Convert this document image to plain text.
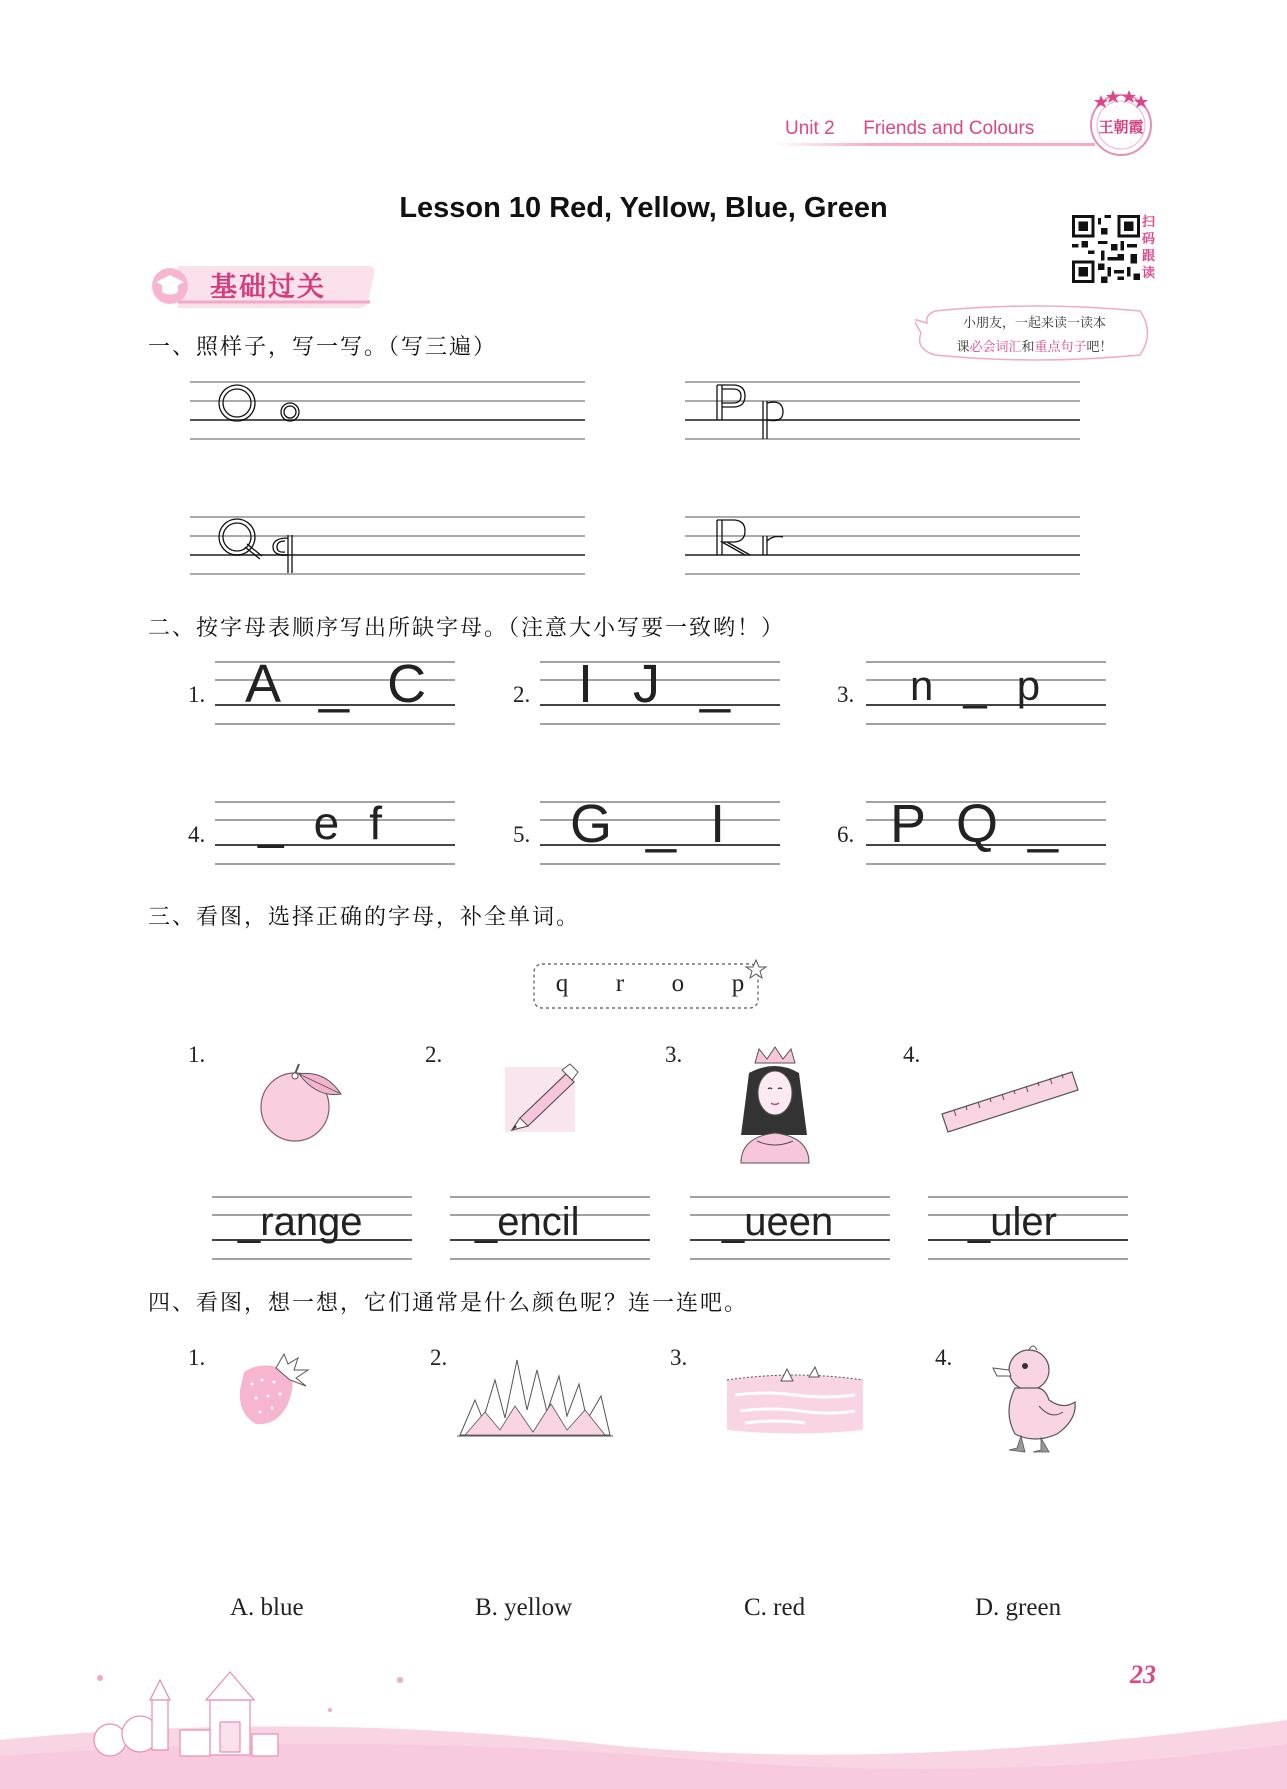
Unit 2 Friends and Colours	王朝霞
Lesson 10 Red, Yellow, Blue, Green	扫码跟读
小朋友，一起来读一读本
课必会词汇和重点句子吧！
基础过关
一、照样子，写一写。（写三遍）
二、按字母表顺序写出所缺字母。（注意大小写要一致哟！）
1. A _ C	2. I J _	3. n _ p
4. _ e f	5. G _ I	6. P Q _
三、看图，选择正确的字母，补全单词。
q r o p
1.	2.	3.	4.
_range	_encil	_ueen	_uler
四、看图，想一想，它们通常是什么颜色呢？连一连吧。
1.	2.	3.	4.
A. blue	B. yellow	C. red	D. green
23
